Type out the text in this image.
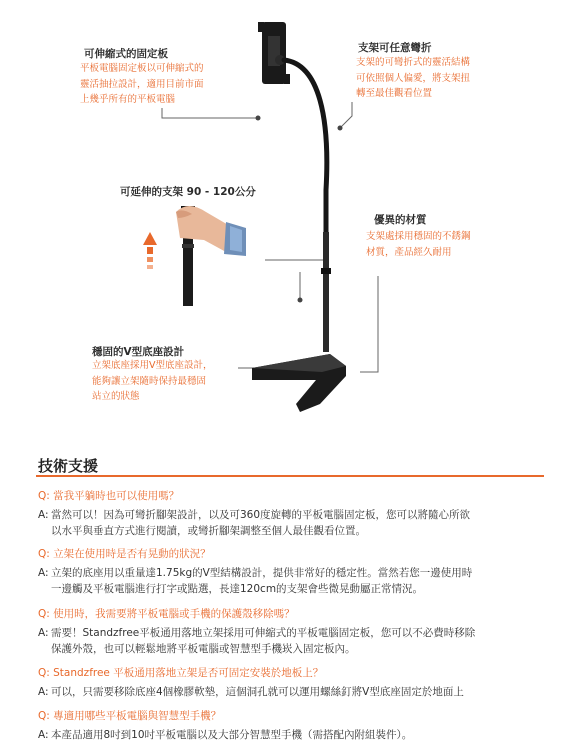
可伸縮式的固定板
平板電腦固定板以可伸縮式的
靈活抽拉設計，適用目前市面
上幾乎所有的平板電腦
支架可任意彎折
支架的可彎折式的靈活結構
可依照個人偏愛，將支架扭
轉至最佳觀看位置
可延伸的支架 90 - 120公分
優異的材質
支架處採用穩固的不銹鋼
材質，產品經久耐用
穩固的V型底座設計
立架底座採用V型底座設計，
能夠讓立架隨時保持最穩固
站立的狀態
技術支援
Q: 當我平躺時也可以使用嗎？
A: 當然可以！因為可彎折腳架設計，以及可360度旋轉的平板電腦固定板，您可以將隨心所欲
以水平與垂直方式進行閱讀，或彎折腳架調整至個人最佳觀看位置。
Q: 立架在使用時是否有晃動的狀況？
A: 立架的底座用以重量達1.75kg的V型結構設計，提供非常好的穩定性。當然若您一邊使用時
一邊觸及平板電腦進行打字或點選，長達120cm的支架會些微晃動屬正常情況。
Q: 使用時，我需要將平板電腦或手機的保護殼移除嗎？
A: 需要！Standzfree平板通用落地立架採用可伸縮式的平板電腦固定板，您可以不必費時移除
保護外殼，也可以輕鬆地將平板電腦或智慧型手機崁入固定板內。
Q: Standzfree 平板通用落地立架是否可固定安裝於地板上？
A: 可以，只需要移除底座4個橡膠軟墊，這個洞孔就可以運用螺絲釘將V型底座固定於地面上
Q: 專適用哪些平板電腦與智慧型手機？
A: 本產品適用8吋到10吋平板電腦以及大部分智慧型手機（需搭配內附組裝件）。
